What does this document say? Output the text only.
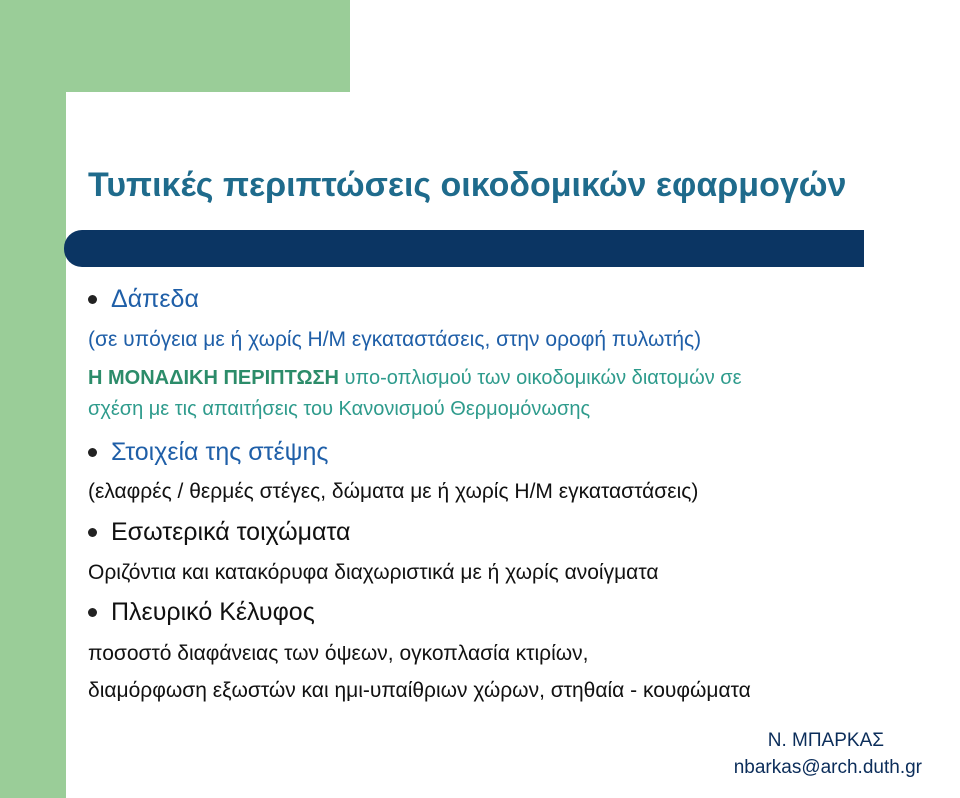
Τυπικές περιπτώσεις οικοδομικών εφαρμογών
Δάπεδα
(σε υπόγεια με ή χωρίς Η/Μ εγκαταστάσεις, στην οροφή πυλωτής)
Η ΜΟΝΑΔΙΚΗ ΠΕΡΙΠΤΩΣΗ υπο-οπλισμού των οικοδομικών διατομών σε
σχέση με τις απαιτήσεις του Κανονισμού Θερμομόνωσης
Στοιχεία της στέψης
(ελαφρές / θερμές στέγες, δώματα με ή χωρίς Η/Μ εγκαταστάσεις)
Εσωτερικά τοιχώματα
Οριζόντια και κατακόρυφα διαχωριστικά με ή χωρίς ανοίγματα
Πλευρικό Κέλυφος
ποσοστό διαφάνειας των όψεων, ογκοπλασία κτιρίων,
διαμόρφωση εξωστών και ημι-υπαίθριων χώρων, στηθαία - κουφώματα
Ν. ΜΠΑΡΚΑΣ
nbarkas@arch.duth.gr
